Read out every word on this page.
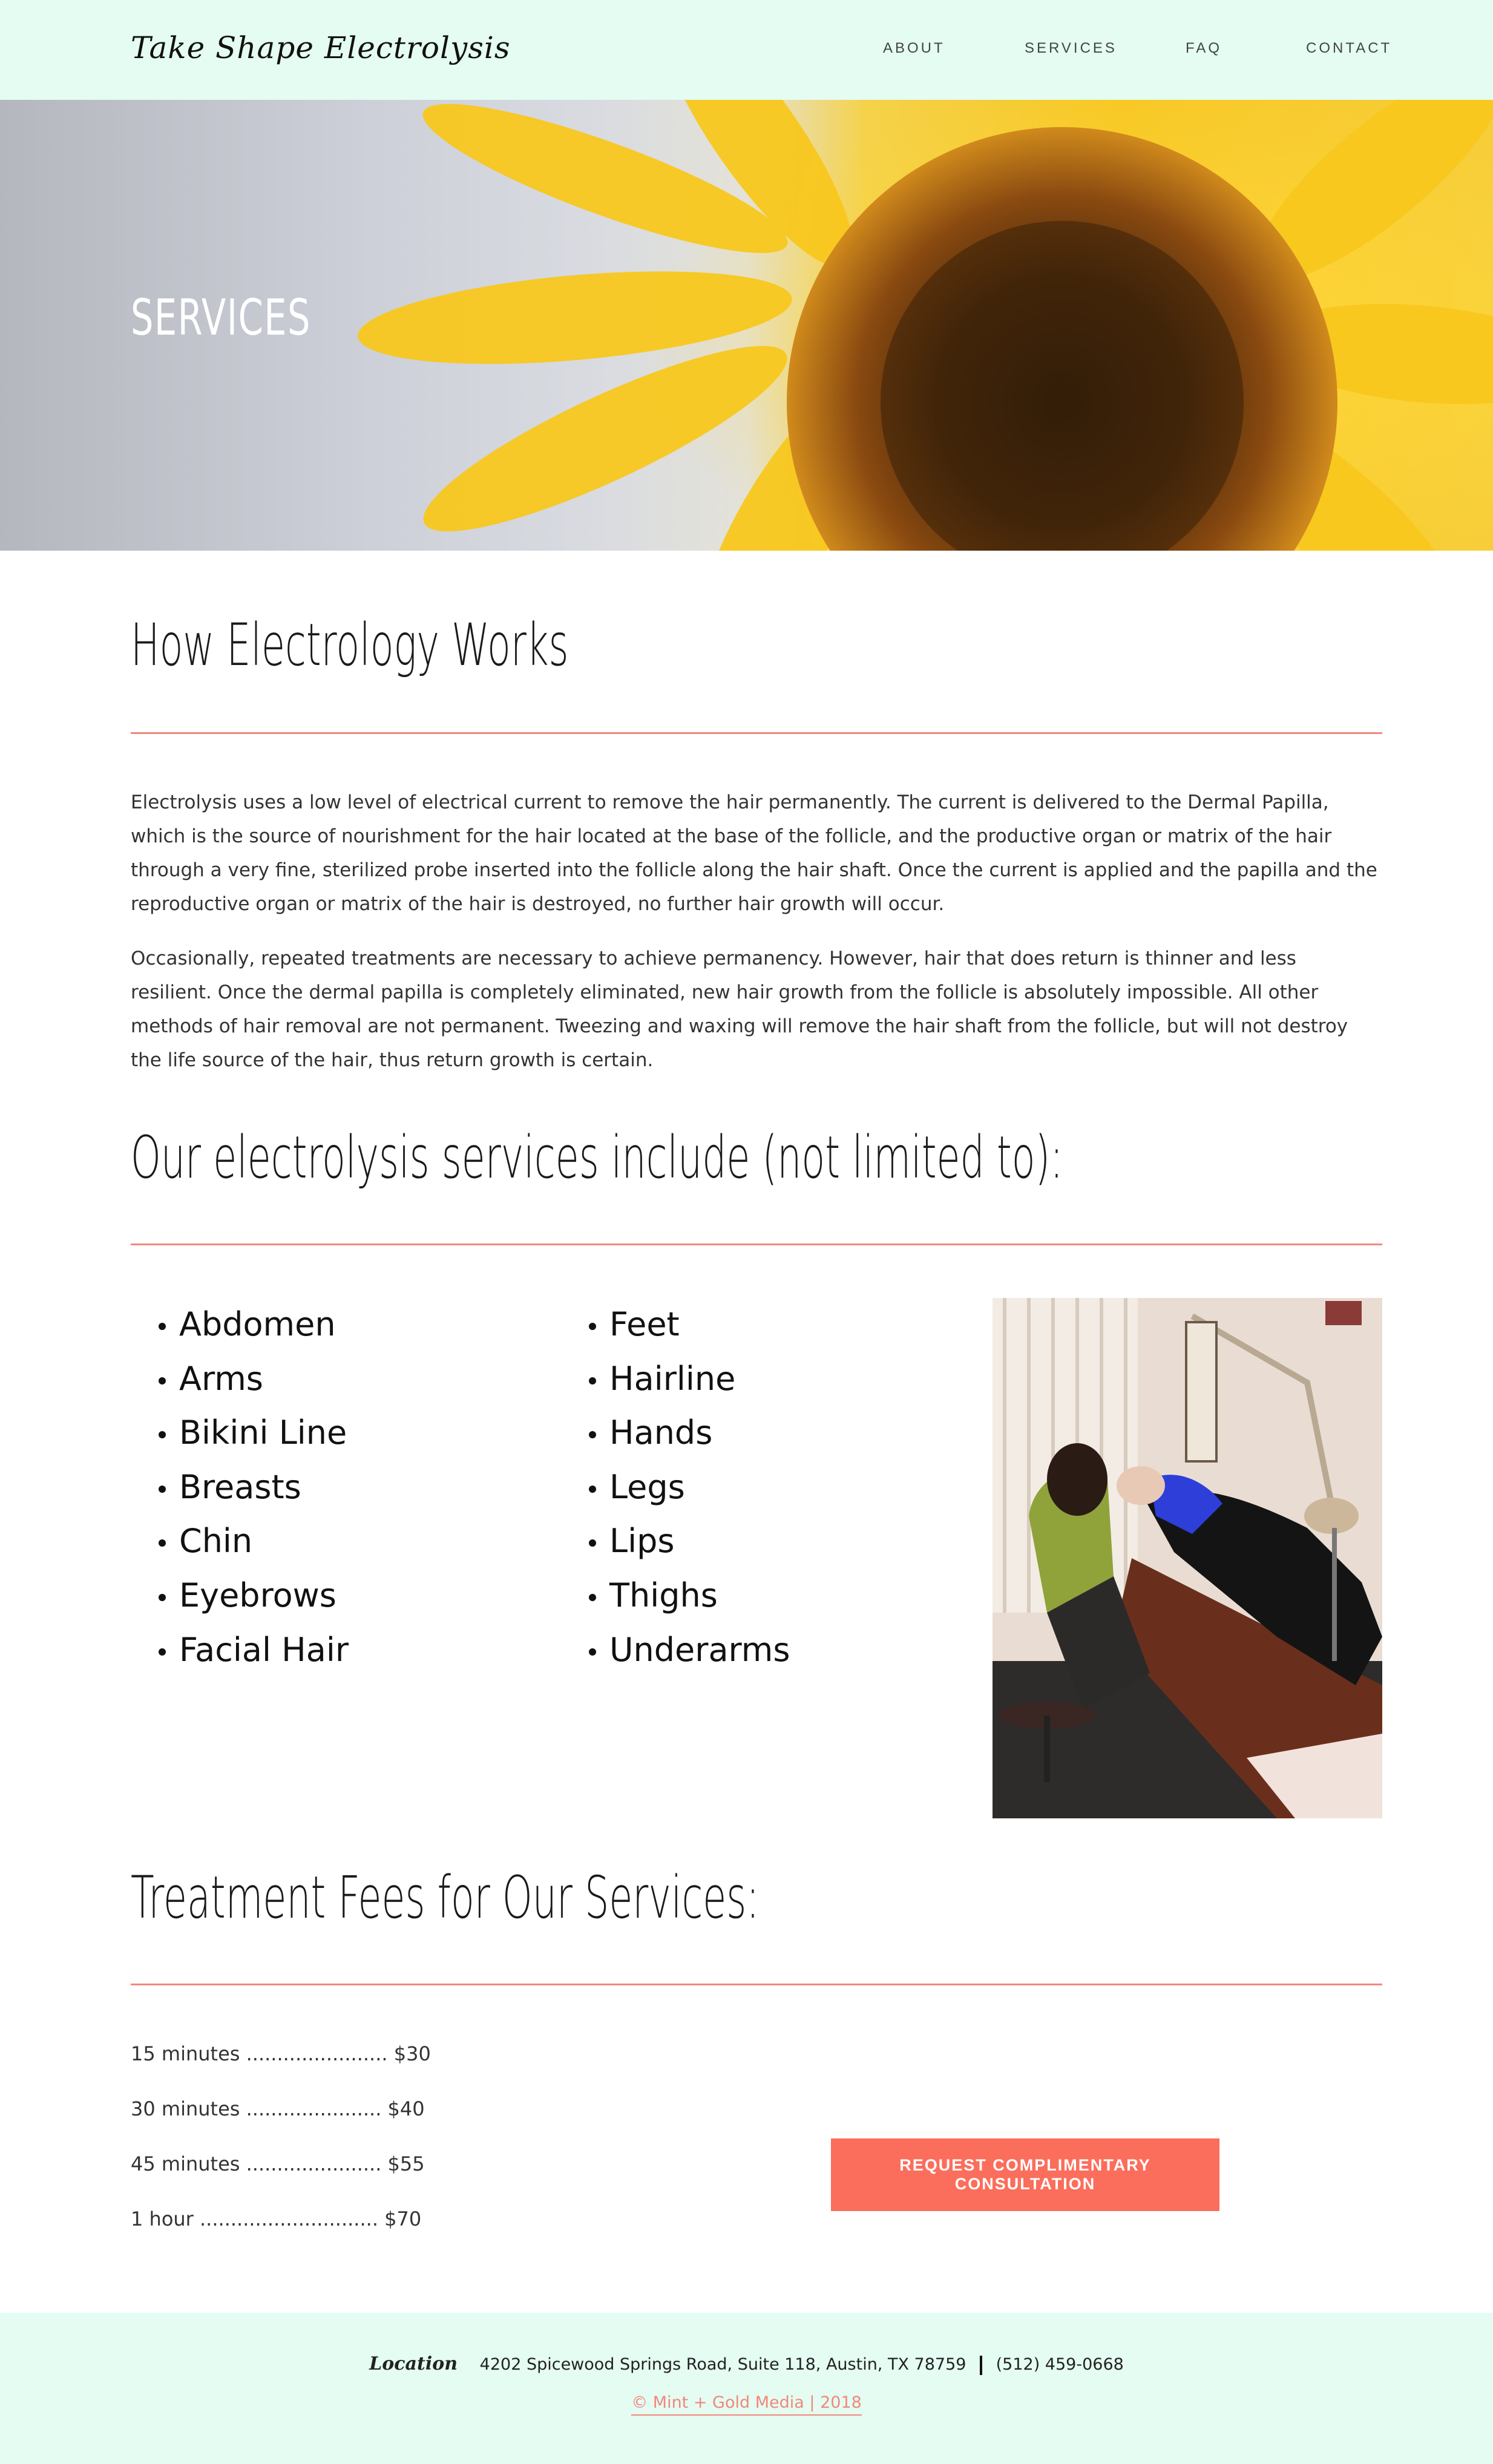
Take Shape Electrolysis	ABOUT	SERVICES	FAQ	CONTACT
SERVICES
How Electrology Works
Electrolysis uses a low level of electrical current to remove the hair permanently. The current is delivered to the Dermal Papilla, which is the source of nourishment for the hair located at the base of the follicle, and the productive organ or matrix of the hair through a very fine, sterilized probe inserted into the follicle along the hair shaft. Once the current is applied and the papilla and the reproductive organ or matrix of the hair is destroyed, no further hair growth will occur.
Occasionally, repeated treatments are necessary to achieve permanency. However, hair that does return is thinner and less resilient. Once the dermal papilla is completely eliminated, new hair growth from the follicle is absolutely impossible. All other methods of hair removal are not permanent. Tweezing and waxing will remove the hair shaft from the follicle, but will not destroy the life source of the hair, thus return growth is certain.
Our electrolysis services include (not limited to):
Abdomen
Arms
Bikini Line
Breasts
Chin
Eyebrows
Facial Hair
Feet
Hairline
Hands
Legs
Lips
Thighs
Underarms
Treatment Fees for Our Services:
15 minutes ....................... $30
30 minutes ...................... $40
45 minutes ...................... $55
1 hour ............................. $70
REQUEST COMPLIMENTARY CONSULTATION
Location 4202 Spicewood Springs Road, Suite 118, Austin, TX 78759 (512) 459-0668
© Mint + Gold Media | 2018
